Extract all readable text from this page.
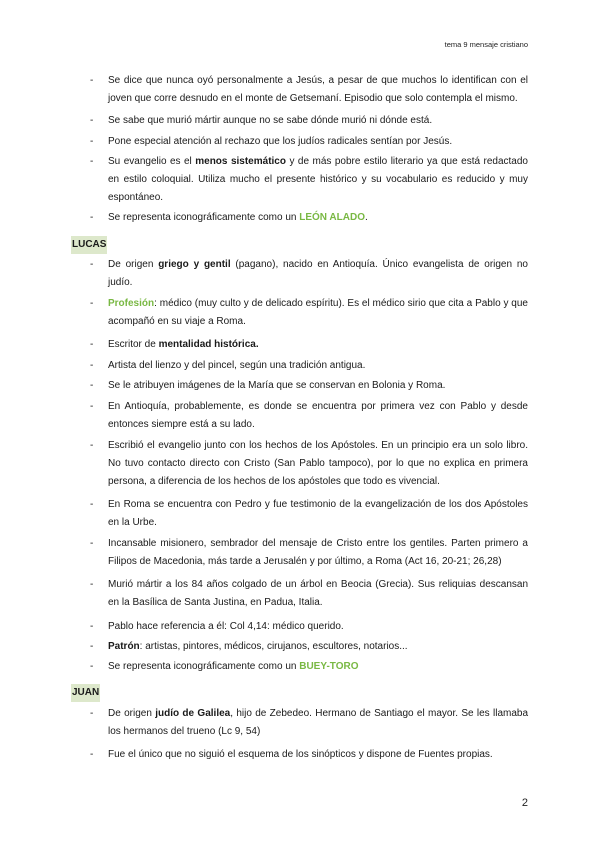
tema 9 mensaje cristiano
-	Se dice que nunca oyó personalmente a Jesús, a pesar de que muchos lo identifican con el joven que corre desnudo en el monte de Getsemaní. Episodio que solo contempla el mismo.
-	Se sabe que murió mártir aunque no se sabe dónde murió ni dónde está.
-	Pone especial atención al rechazo que los judíos radicales sentían por Jesús.
-	Su evangelio es el menos sistemático y de más pobre estilo literario ya que está redactado en estilo coloquial. Utiliza mucho el presente histórico y su vocabulario es reducido y muy espontáneo.
-	Se representa iconográficamente como un LEÓN ALADO.
LUCAS
-	De origen griego y gentil (pagano), nacido en Antioquía. Único evangelista de origen no judío.
-	Profesión: médico (muy culto y de delicado espíritu). Es el médico sirio que cita a Pablo y que acompañó en su viaje a Roma.
-	Escritor de mentalidad histórica.
-	Artista del lienzo y del pincel, según una tradición antigua.
-	Se le atribuyen imágenes de la María que se conservan en Bolonia y Roma.
-	En Antioquía, probablemente, es donde se encuentra por primera vez con Pablo y desde entonces siempre está a su lado.
-	Escribió el evangelio junto con los hechos de los Apóstoles. En un principio era un solo libro. No tuvo contacto directo con Cristo (San Pablo tampoco), por lo que no explica en primera persona, a diferencia de los hechos de los apóstoles que todo es vivencial.
-	En Roma se encuentra con Pedro y fue testimonio de la evangelización de los dos Apóstoles en la Urbe.
-	Incansable misionero, sembrador del mensaje de Cristo entre los gentiles. Parten primero a Filipos de Macedonia, más tarde a Jerusalén y por último, a Roma (Act 16, 20-21; 26,28)
-	Murió mártir a los 84 años colgado de un árbol en Beocia (Grecia). Sus reliquias descansan en la Basílica de Santa Justina, en Padua, Italia.
-	Pablo hace referencia a él: Col 4,14: médico querido.
-	Patrón: artistas, pintores, médicos, cirujanos, escultores, notarios...
-	Se representa iconográficamente como un BUEY-TORO
JUAN
-	De origen judío de Galilea, hijo de Zebedeo. Hermano de Santiago el mayor. Se les llamaba los hermanos del trueno (Lc 9, 54)
-	Fue el único que no siguió el esquema de los sinópticos y dispone de Fuentes propias.
2
